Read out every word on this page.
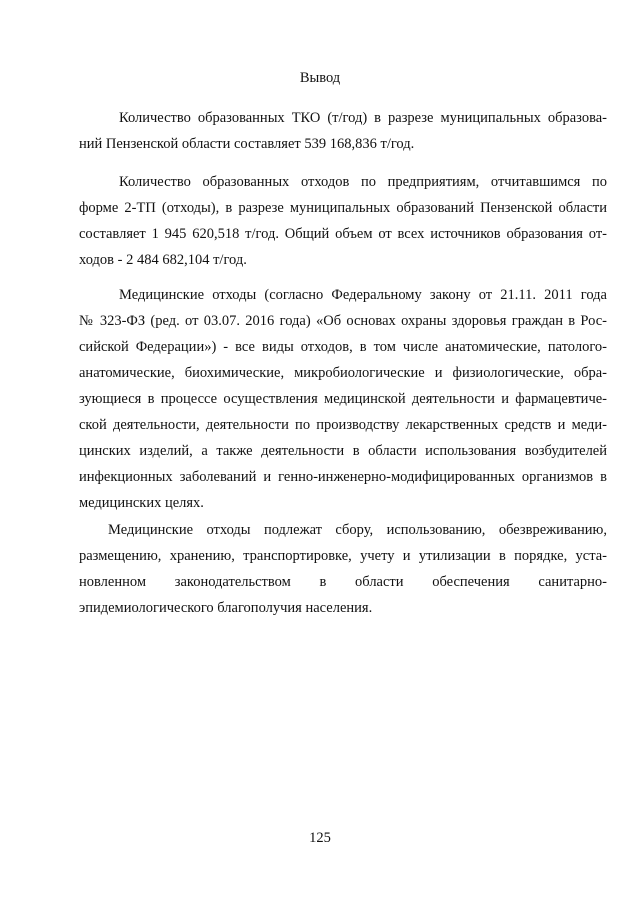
Вывод
Количество образованных ТКО (т/год) в разрезе муниципальных образова-
ний Пензенской области составляет 539 168,836 т/год.
Количество образованных отходов по предприятиям, отчитавшимся по
форме 2-ТП (отходы), в разрезе муниципальных образований Пензенской области
составляет 1 945 620,518 т/год. Общий объем от всех источников образования от-
ходов - 2 484 682,104 т/год.
Медицинские отходы (согласно Федеральному закону от 21.11. 2011 года
№ 323-ФЗ (ред. от 03.07. 2016 года) «Об основах охраны здоровья граждан в Рос-
сийской Федерации») - все виды отходов, в том числе анатомические, патолого-
анатомические, биохимические, микробиологические и физиологические, обра-
зующиеся в процессе осуществления медицинской деятельности и фармацевтиче-
ской деятельности, деятельности по производству лекарственных средств и меди-
цинских изделий, а также деятельности в области использования возбудителей
инфекционных заболеваний и генно-инженерно-модифицированных организмов в
медицинских целях.
Медицинские отходы подлежат сбору, использованию, обезвреживанию,
размещению, хранению, транспортировке, учету и утилизации в порядке, уста-
новленном законодательством в области обеспечения санитарно-
эпидемиологического благополучия населения.
125
